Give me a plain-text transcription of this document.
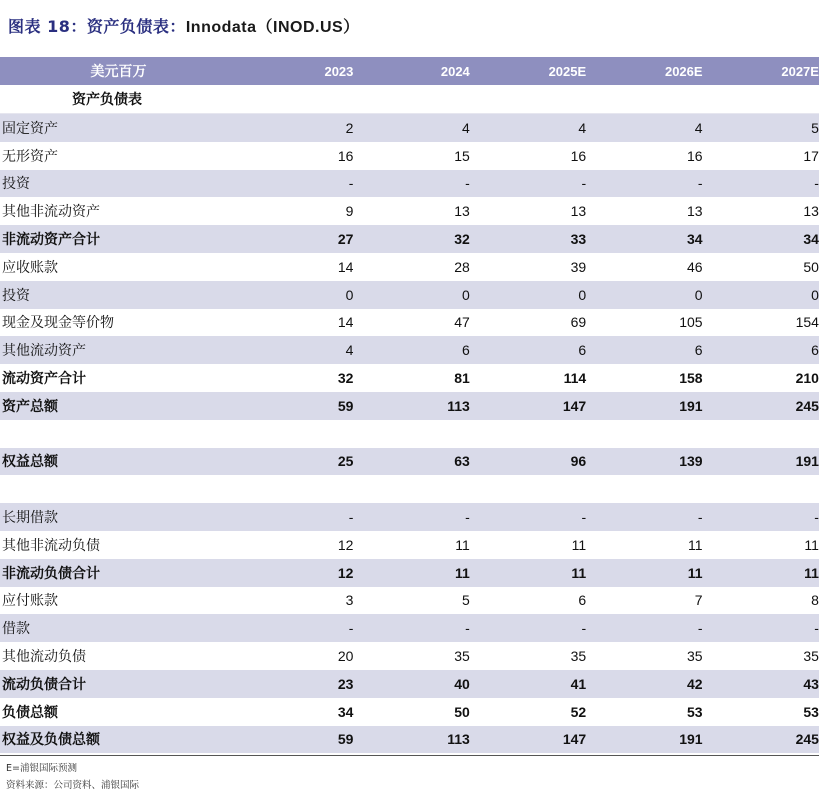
图表 18：资产负债表：Innodata（INOD.US）
美元百万	2023	2024	2025E	2026E	2027E
资产负债表
固定资产	2	4	4	4	5
无形资产	16	15	16	16	17
投资	-	-	-	-	-
其他非流动资产	9	13	13	13	13
非流动资产合计	27	32	33	34	34
应收账款	14	28	39	46	50
投资	0	0	0	0	0
现金及现金等价物	14	47	69	105	154
其他流动资产	4	6	6	6	6
流动资产合计	32	81	114	158	210
资产总额	59	113	147	191	245
权益总额	25	63	96	139	191
长期借款	-	-	-	-	-
其他非流动负债	12	11	11	11	11
非流动负债合计	12	11	11	11	11
应付账款	3	5	6	7	8
借款	-	-	-	-	-
其他流动负债	20	35	35	35	35
流动负债合计	23	40	41	42	43
负债总额	34	50	52	53	53
权益及负债总额	59	113	147	191	245
E=浦银国际预测
资料来源：公司资料、浦银国际
